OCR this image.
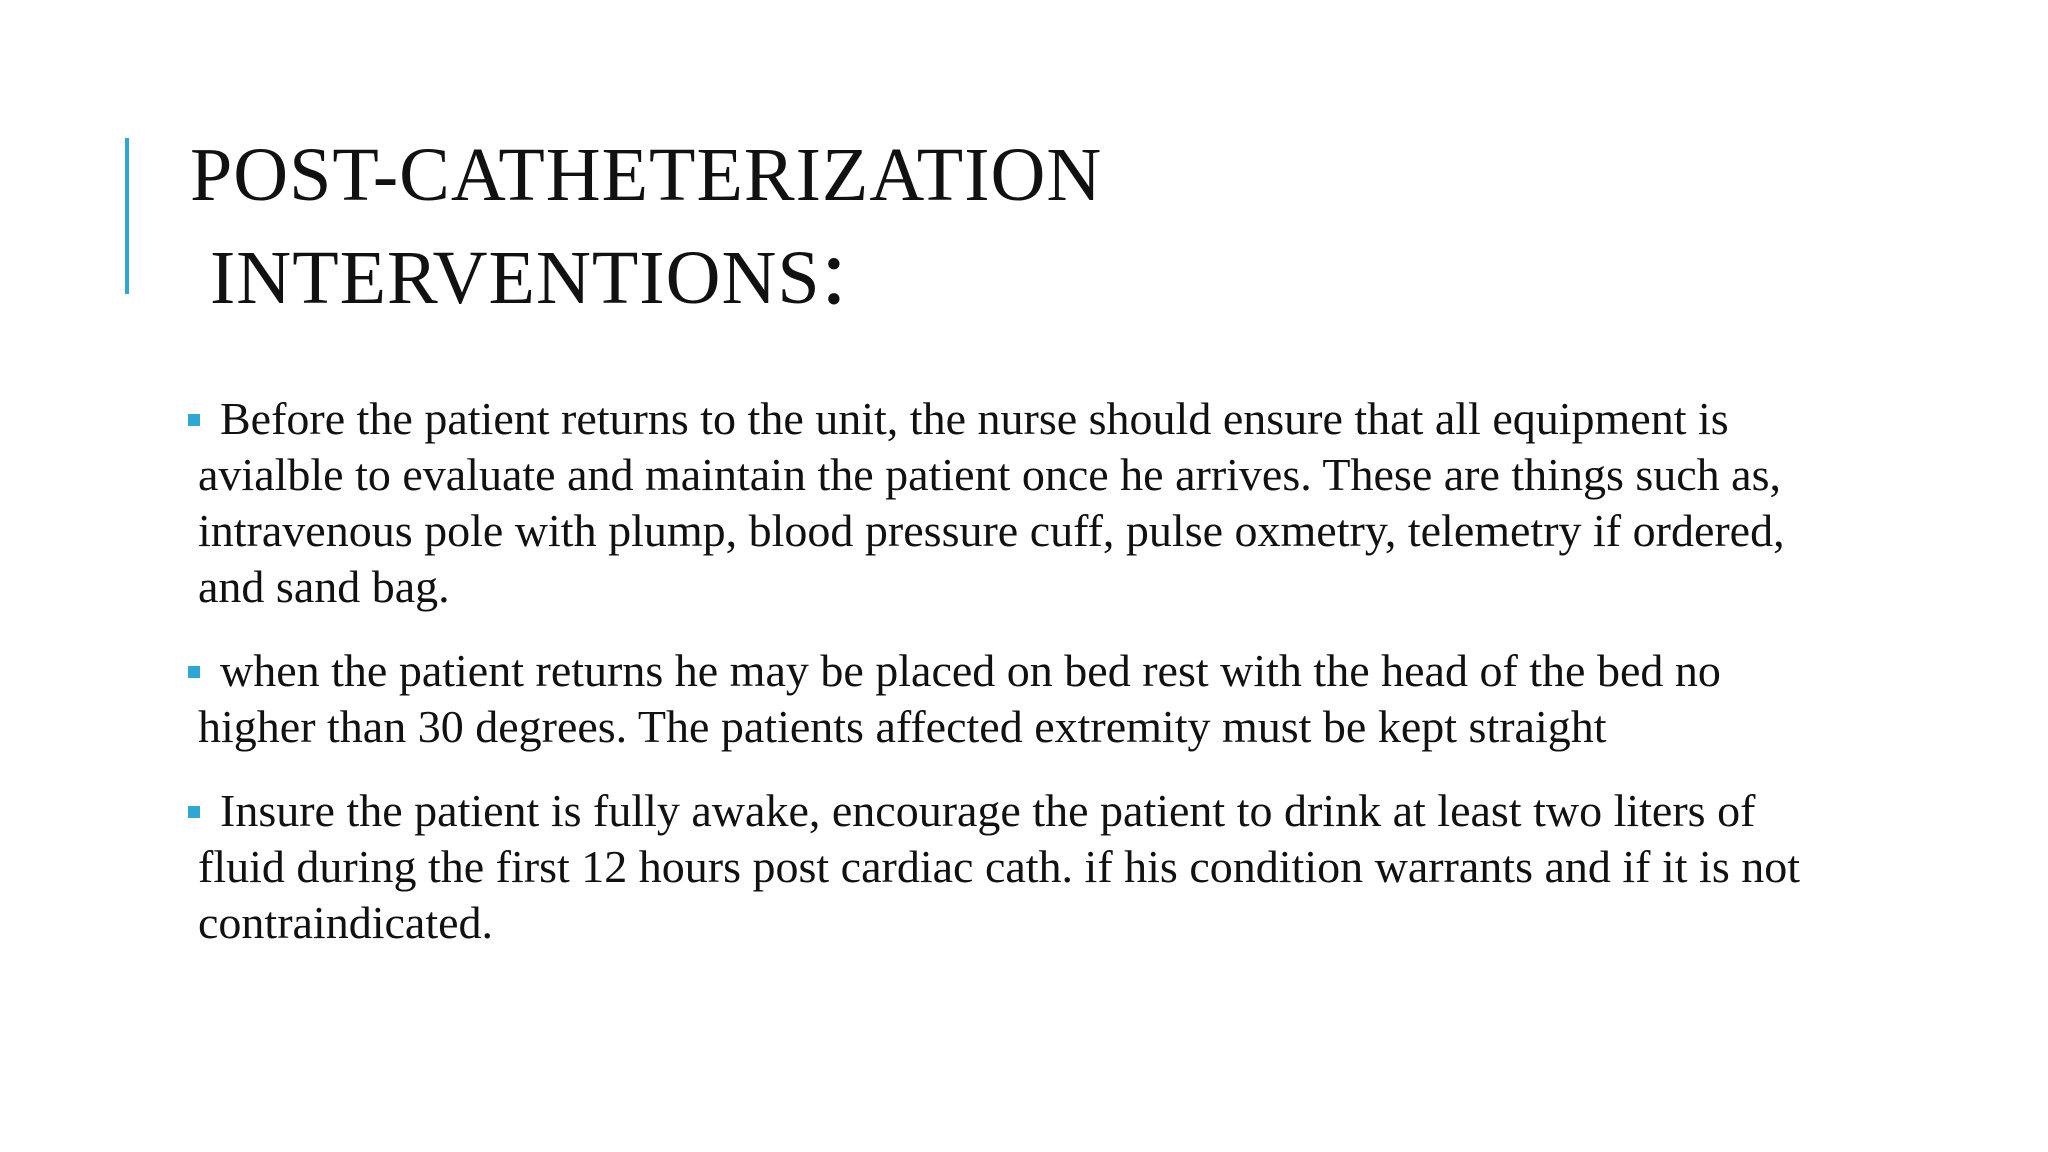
POST-CATHETERIZATION
INTERVENTIONS:
Before the patient returns to the unit, the nurse should ensure that all equipment is avialble to evaluate and maintain the patient once he arrives. These are things such as, intravenous pole with plump, blood pressure cuff, pulse oxmetry, telemetry if ordered, and sand bag.
when the patient returns he may be placed on bed rest with the head of the bed no higher than 30 degrees. The patients affected extremity must be kept straight
Insure the patient is fully awake, encourage the patient to drink at least two liters of fluid during the first 12 hours post cardiac cath. if his condition warrants and if it is not contraindicated.
